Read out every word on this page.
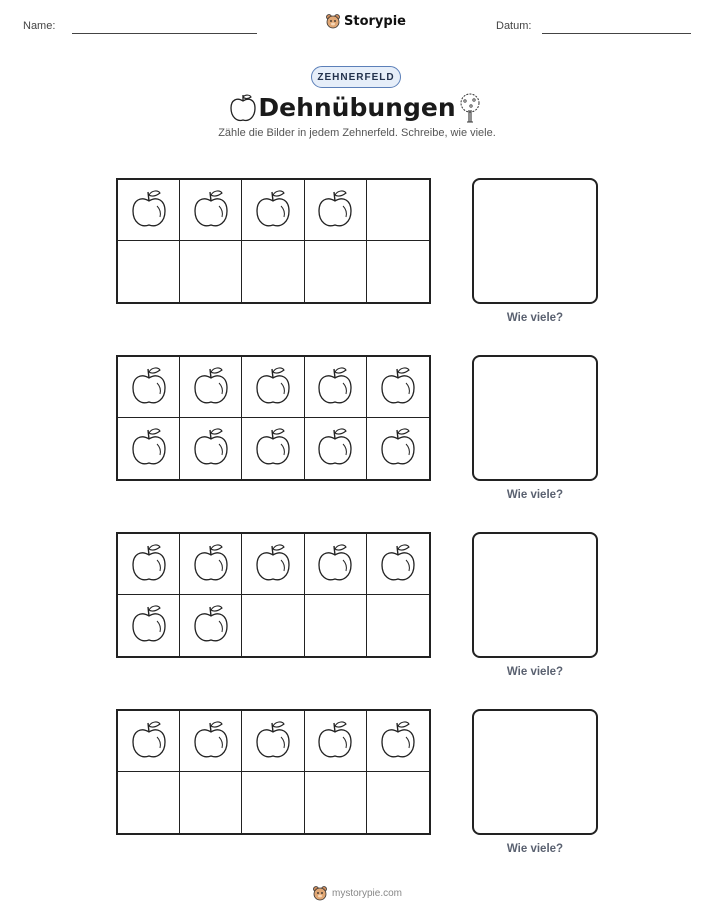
Name:	Storypie	Datum:
ZEHNERFELD
Dehnübungen
Zähle die Bilder in jedem Zehnerfeld. Schreibe, wie viele.
Wie viele?
Wie viele?
Wie viele?
Wie viele?
mystorypie.com
